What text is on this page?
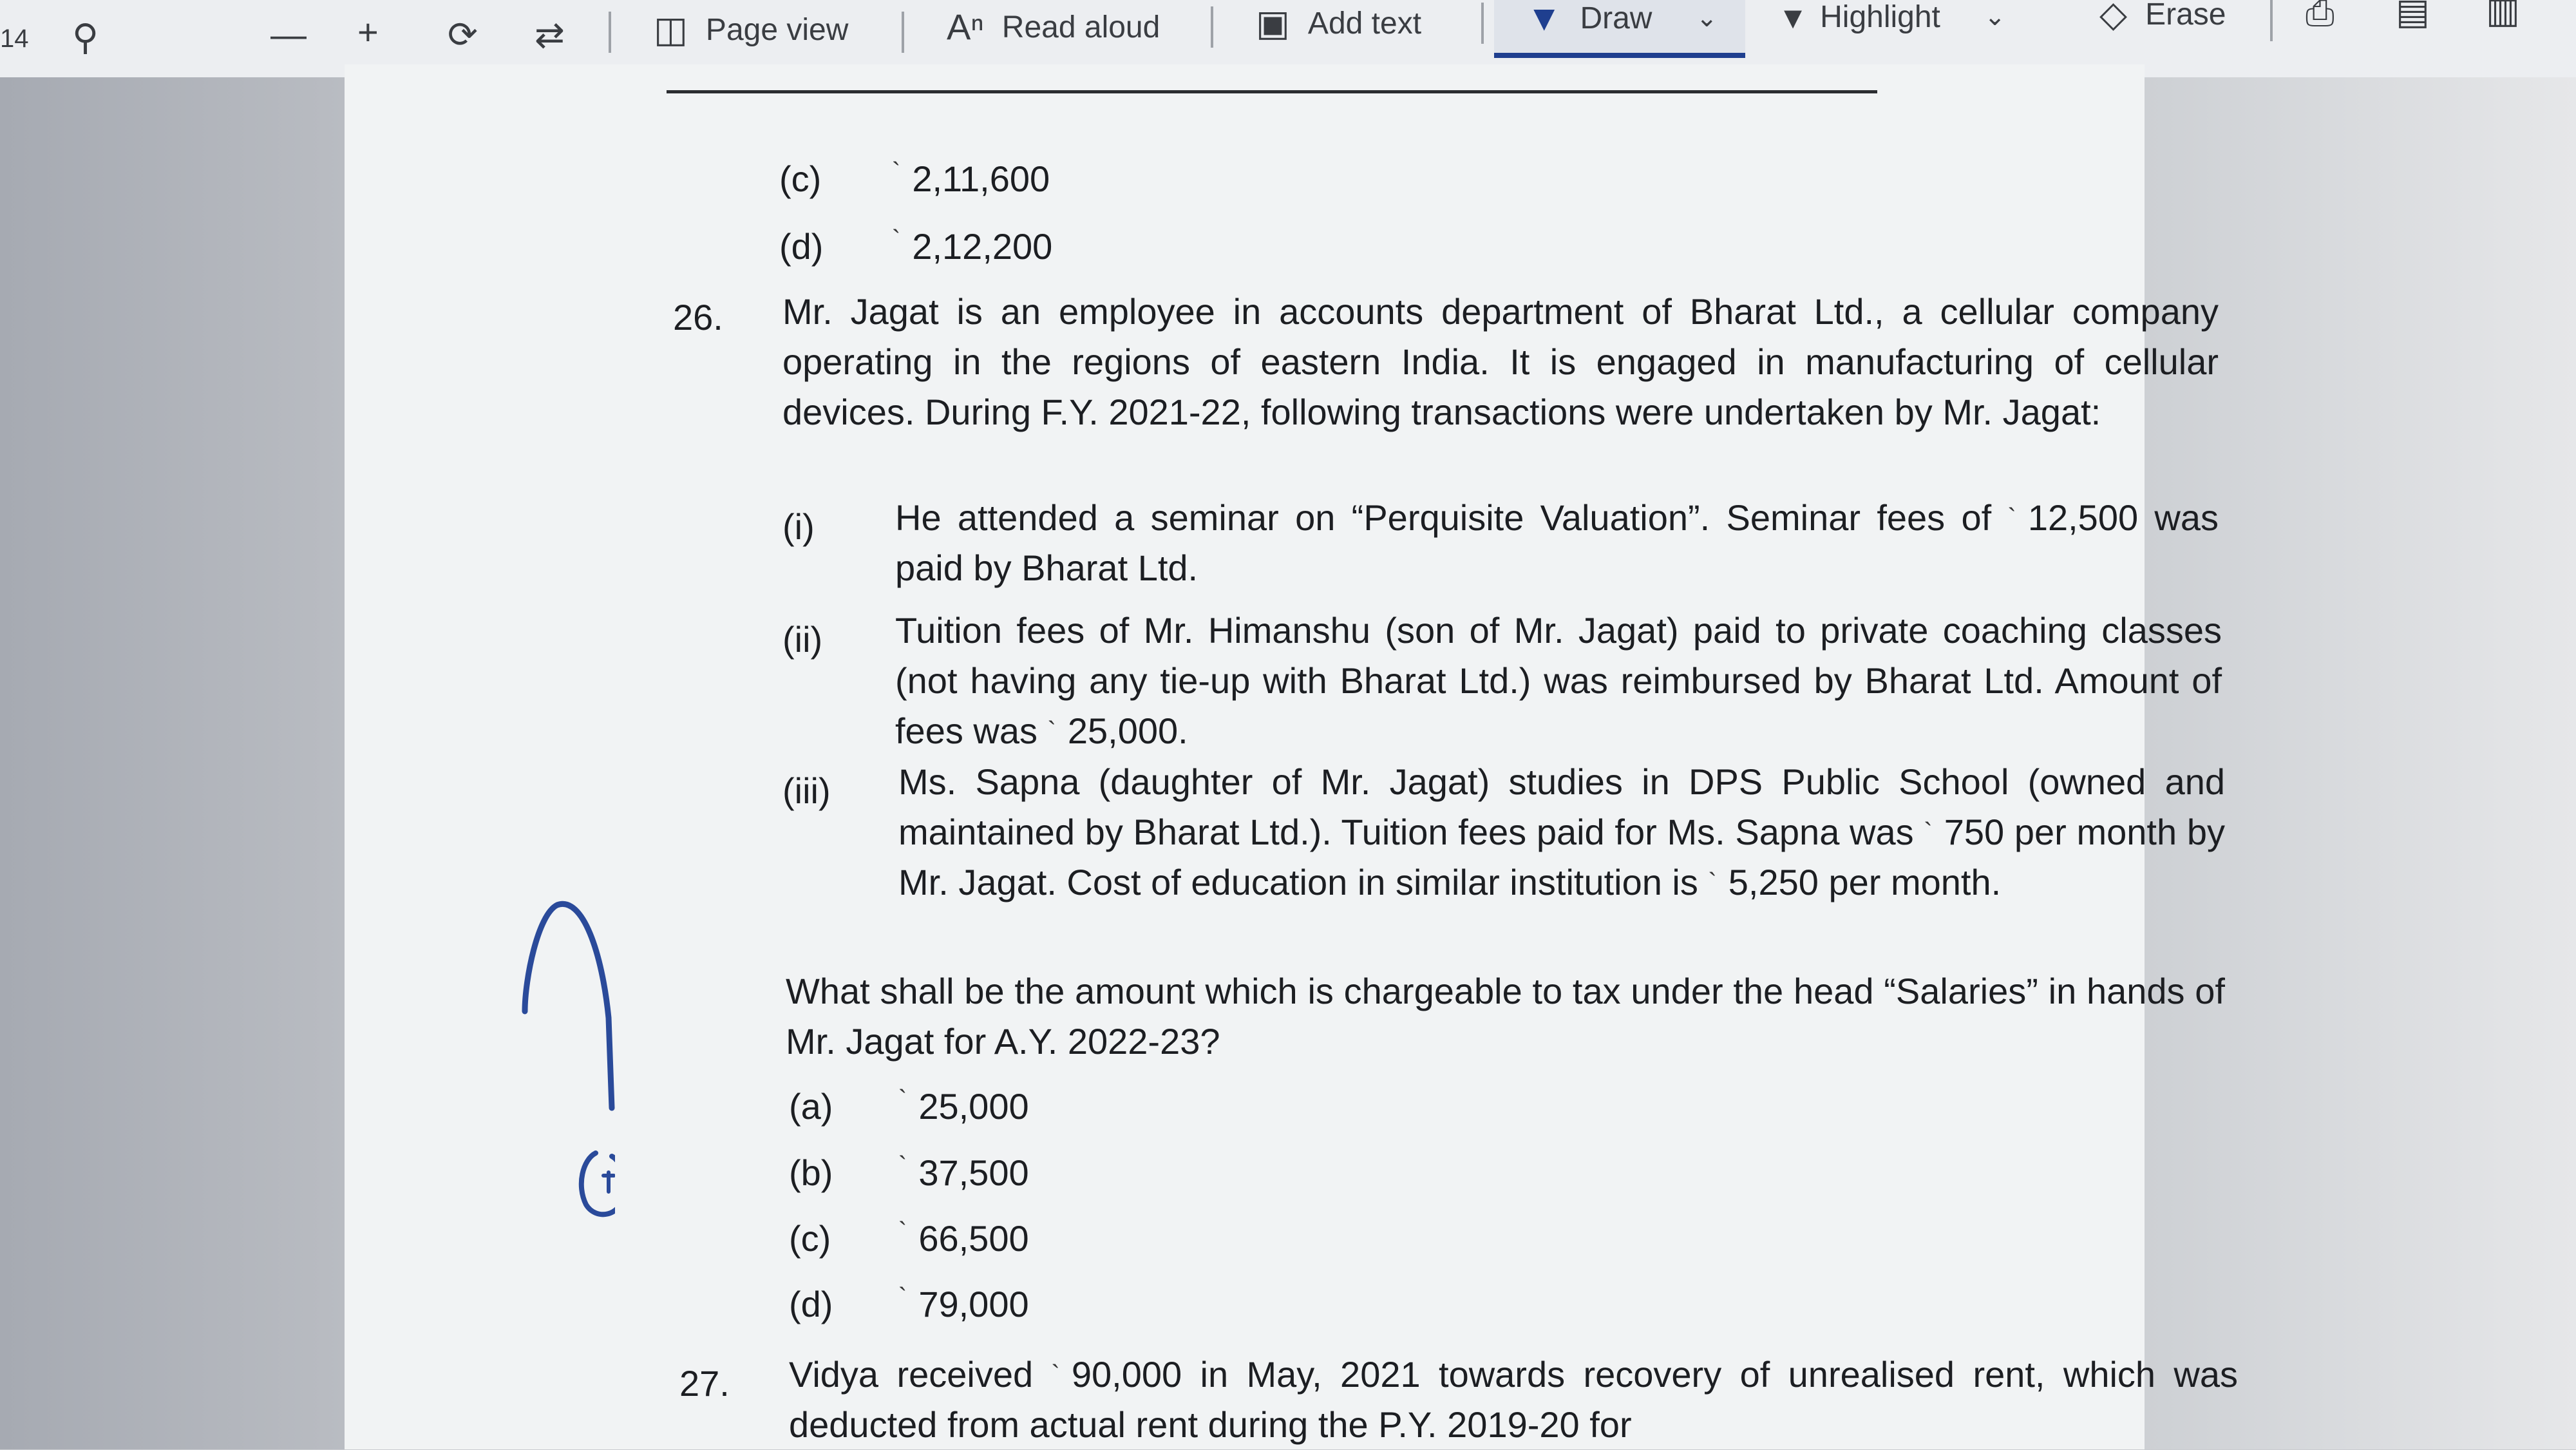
14 ⚲	— + ⟳ ⇄ ◫ Page view	Aⁿ Read aloud	▣ Add text	▼ Draw ⌄ ▾ Highlight ⌄	◇ Erase ⎙ ▤ ▥
(c)	` 2,11,600
(d)	` 2,12,200
26. Mr. Jagat is an employee in accounts department of Bharat Ltd., a cellular company operating in the regions of eastern India. It is engaged in manufacturing of cellular devices. During F.Y. 2021-22, following transactions were undertaken by Mr. Jagat:
(i) He attended a seminar on “Perquisite Valuation”. Seminar fees of ` 12,500 was paid by Bharat Ltd.
(ii) Tuition fees of Mr. Himanshu (son of Mr. Jagat) paid to private coaching classes (not having any tie-up with Bharat Ltd.) was reimbursed by Bharat Ltd. Amount of fees was ` 25,000.
(iii) Ms. Sapna (daughter of Mr. Jagat) studies in DPS Public School (owned and maintained by Bharat Ltd.). Tuition fees paid for Ms. Sapna was ` 750 per month by Mr. Jagat. Cost of education in similar institution is ` 5,250 per month.
What shall be the amount which is chargeable to tax under the head “Salaries” in hands of Mr. Jagat for A.Y. 2022-23?
(a)	` 25,000
(b)	` 37,500
(c)	` 66,500
(d)	` 79,000
27. Vidya received ` 90,000 in May, 2021 towards recovery of unrealised rent, which was deducted from actual rent during the P.Y. 2019-20 for
